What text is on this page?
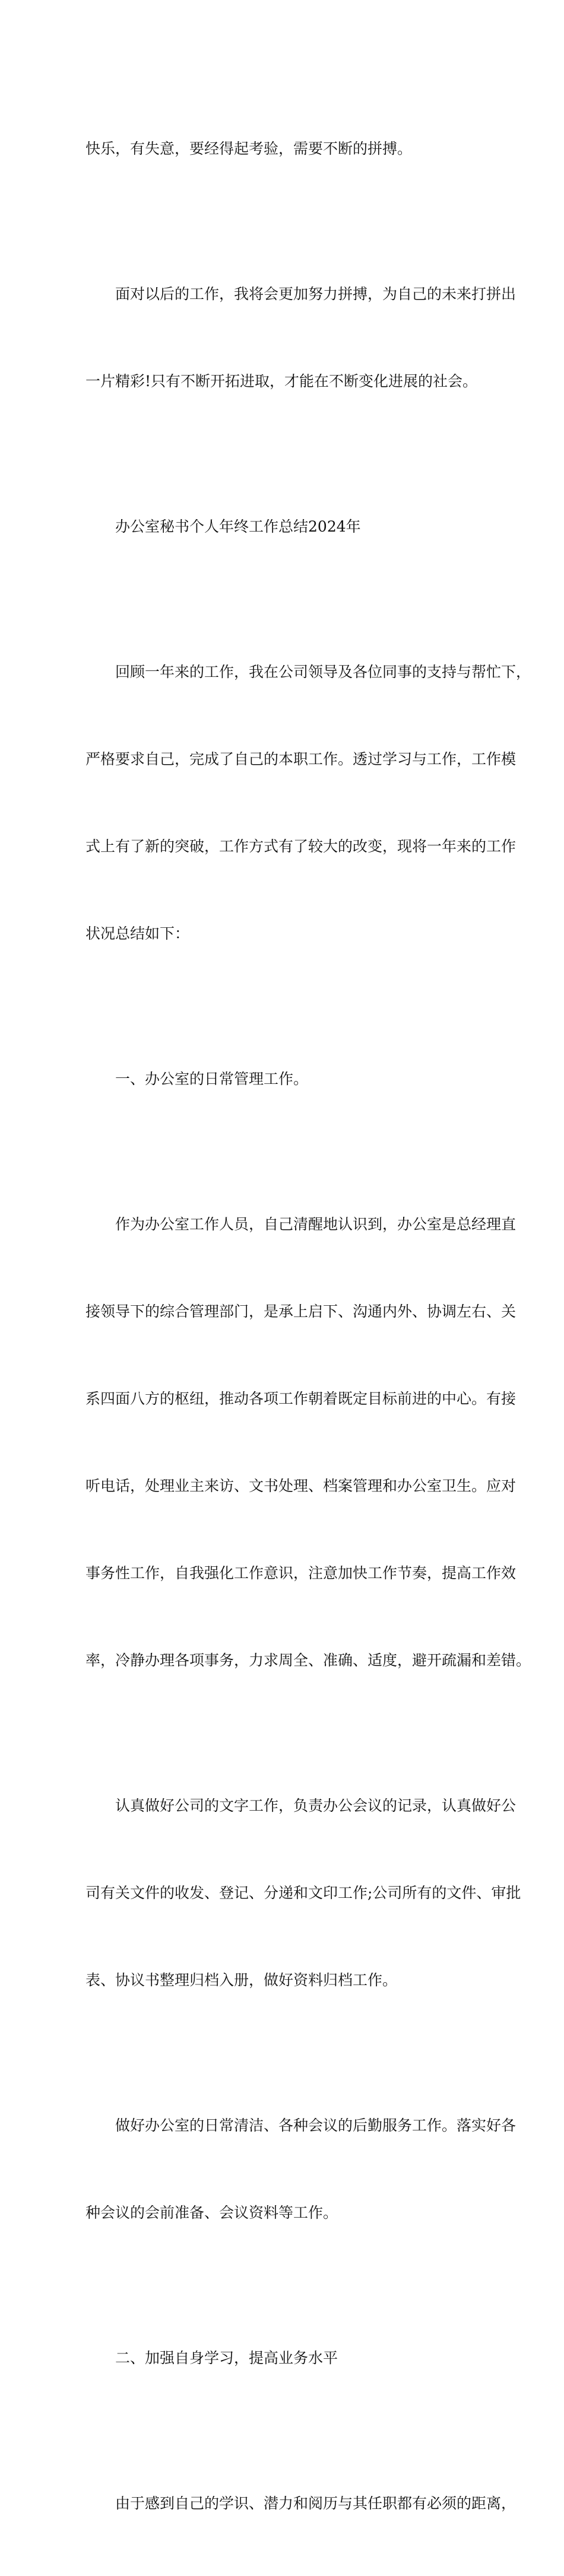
快乐，有失意，要经得起考验，需要不断的拼搏。

　　面对以后的工作，我将会更加努力拼搏，为自己的未来打拼出

一片精彩!只有不断开拓进取，才能在不断变化进展的社会。

　　办公室秘书个人年终工作总结2024年

　　回顾一年来的工作，我在公司领导及各位同事的支持与帮忙下，

严格要求自己，完成了自己的本职工作。透过学习与工作，工作模

式上有了新的突破，工作方式有了较大的改变，现将一年来的工作

状况总结如下：

　　一、办公室的日常管理工作。

　　作为办公室工作人员，自己清醒地认识到，办公室是总经理直

接领导下的综合管理部门，是承上启下、沟通内外、协调左右、关

系四面八方的枢纽，推动各项工作朝着既定目标前进的中心。有接

听电话，处理业主来访、文书处理、档案管理和办公室卫生。应对

事务性工作，自我强化工作意识，注意加快工作节奏，提高工作效

率，冷静办理各项事务，力求周全、准确、适度，避开疏漏和差错。

　　认真做好公司的文字工作，负责办公会议的记录，认真做好公

司有关文件的收发、登记、分递和文印工作;公司所有的文件、审批

表、协议书整理归档入册，做好资料归档工作。

　　做好办公室的日常清洁、各种会议的后勤服务工作。落实好各

种会议的会前准备、会议资料等工作。

　　二、加强自身学习，提高业务水平

　　由于感到自己的学识、潜力和阅历与其任职都有必须的距离，
